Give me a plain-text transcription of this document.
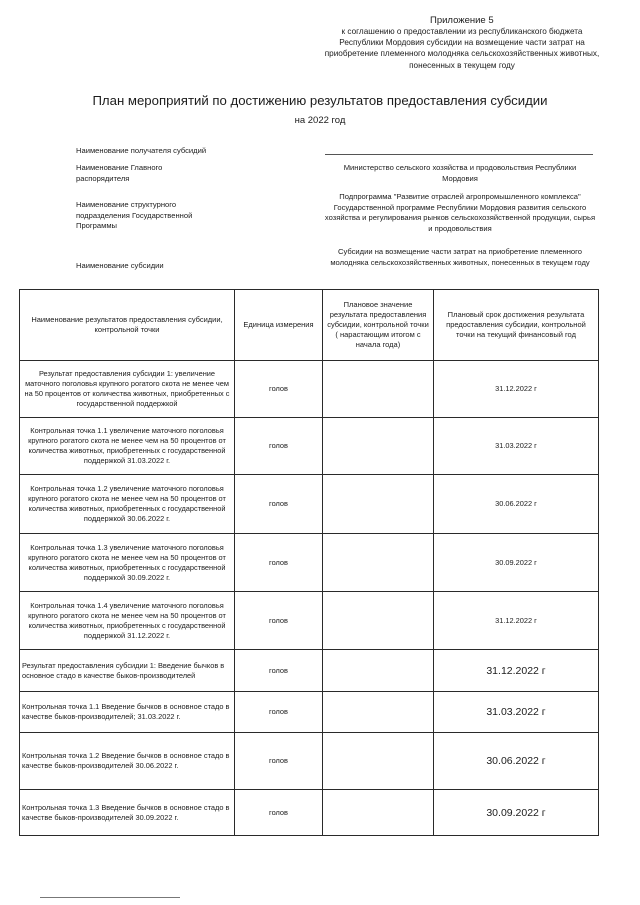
Приложение 5
к соглашению о предоставлении из республиканского бюджета Республики Мордовия субсидии на возмещение части затрат на приобретение племенного молодняка сельскохозяйственных животных, понесенных в текущем году
План мероприятий по достижению результатов предоставления субсидии
на 2022 год
Наименование получателя субсидий
Наименование Главного распорядителя
Министерство сельского хозяйства и продовольствия Республики Мордовия
Наименование структурного подразделения Государственной Программы
Подпрограмма "Развитие отраслей агропромышленного комплекса" Государственной программе Республики Мордовия развития сельского хозяйства и регулирования рынков сельскохозяйственной продукции, сырья и продовольствия
Наименование субсидии
Субсидии на возмещение части затрат на приобретение племенного молодняка сельскохозяйственных животных, понесенных в текущем году
Наименование результатов предоставления субсидии, контрольной точки	Единица измерения	Плановое значение результата предоставления субсидии, контрольной точки ( нарастающим итогом с начала года)	Плановый срок достижения результата предоставления субсидии, контрольной точки на текущий финансовый год
Результат предоставления субсидии 1: увеличение маточного поголовья крупного рогатого скота не менее чем на 50 процентов от количества животных, приобретенных с государственной поддержкой	голов		31.12.2022 г
Контрольная точка 1.1 увеличение маточного поголовья крупного рогатого скота не менее чем на 50 процентов от количества животных, приобретенных с государственной поддержкой 31.03.2022 г.	голов		31.03.2022 г
Контрольная точка 1.2 увеличение маточного поголовья крупного рогатого скота не менее чем на 50 процентов от количества животных, приобретенных с государственной поддержкой 30.06.2022 г.	голов		30.06.2022 г
Контрольная точка 1.3 увеличение маточного поголовья крупного рогатого скота не менее чем на 50 процентов от количества животных, приобретенных с государственной поддержкой 30.09.2022 г.	голов		30.09.2022 г
Контрольная точка 1.4 увеличение маточного поголовья крупного рогатого скота не менее чем на 50 процентов от количества животных, приобретенных с государственной поддержкой 31.12.2022 г.	голов		31.12.2022 г
Результат предоставления субсидии 1: Введение бычков в основное стадо в качестве быков-производителей	голов		31.12.2022 г
Контрольная точка 1.1 Введение бычков в основное стадо в качестве быков-производителей; 31.03.2022 г.	голов		31.03.2022 г
Контрольная точка 1.2 Введение бычков в основное стадо в качестве быков-производителей 30.06.2022 г.	голов		30.06.2022 г
Контрольная точка 1.3 Введение бычков в основное стадо в качестве быков-производителей 30.09.2022 г.	голов		30.09.2022 г
